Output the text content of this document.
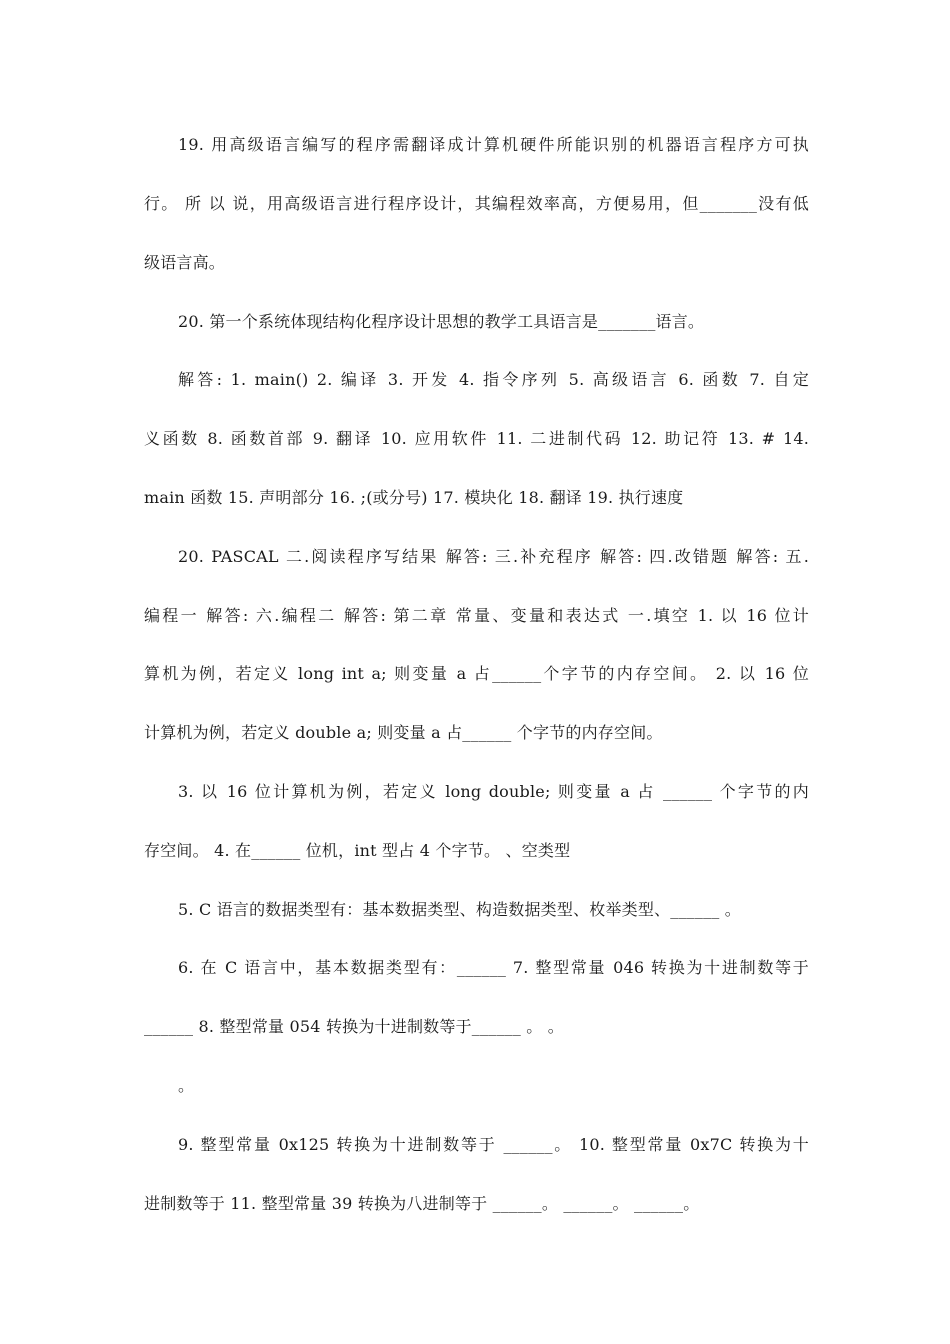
19. 用高级语言编写的程序需翻译成计算机硬件所能识别的机器语言程序方可执
行。 所 以 说，用高级语言进行程序设计，其编程效率高，方便易用，但_______没有低
级语言高。
20. 第一个系统体现结构化程序设计思想的教学工具语言是_______语言。
解答: 1. main() 2. 编译 3. 开发 4. 指令序列 5. 高级语言 6. 函数 7. 自定
义函数 8. 函数首部 9. 翻译 10. 应用软件 11. 二进制代码 12. 助记符 13. # 14.
main 函数 15. 声明部分 16. ;(或分号) 17. 模块化 18. 翻译 19. 执行速度
20. PASCAL 二.阅读程序写结果 解答: 三.补充程序 解答: 四.改错题 解答: 五.
编程一 解答: 六.编程二 解答: 第二章 常量、变量和表达式 一.填空 1. 以 16 位计
算机为例，若定义 long int a; 则变量 a 占______个字节的内存空间。 2. 以 16 位
计算机为例，若定义 double a; 则变量 a 占______ 个字节的内存空间。
3. 以 16 位计算机为例，若定义 long double; 则变量 a 占 ______ 个字节的内
存空间。 4. 在______ 位机，int 型占 4 个字节。 、空类型
5. C 语言的数据类型有：基本数据类型、构造数据类型、枚举类型、______ 。
6. 在 C 语言中，基本数据类型有：______ 7. 整型常量 046 转换为十进制数等于
______ 8. 整型常量 054 转换为十进制数等于______ 。 。
。
9. 整型常量 0x125 转换为十进制数等于 ______。 10. 整型常量 0x7C 转换为十
进制数等于 11. 整型常量 39 转换为八进制等于 ______。 ______。 ______。
